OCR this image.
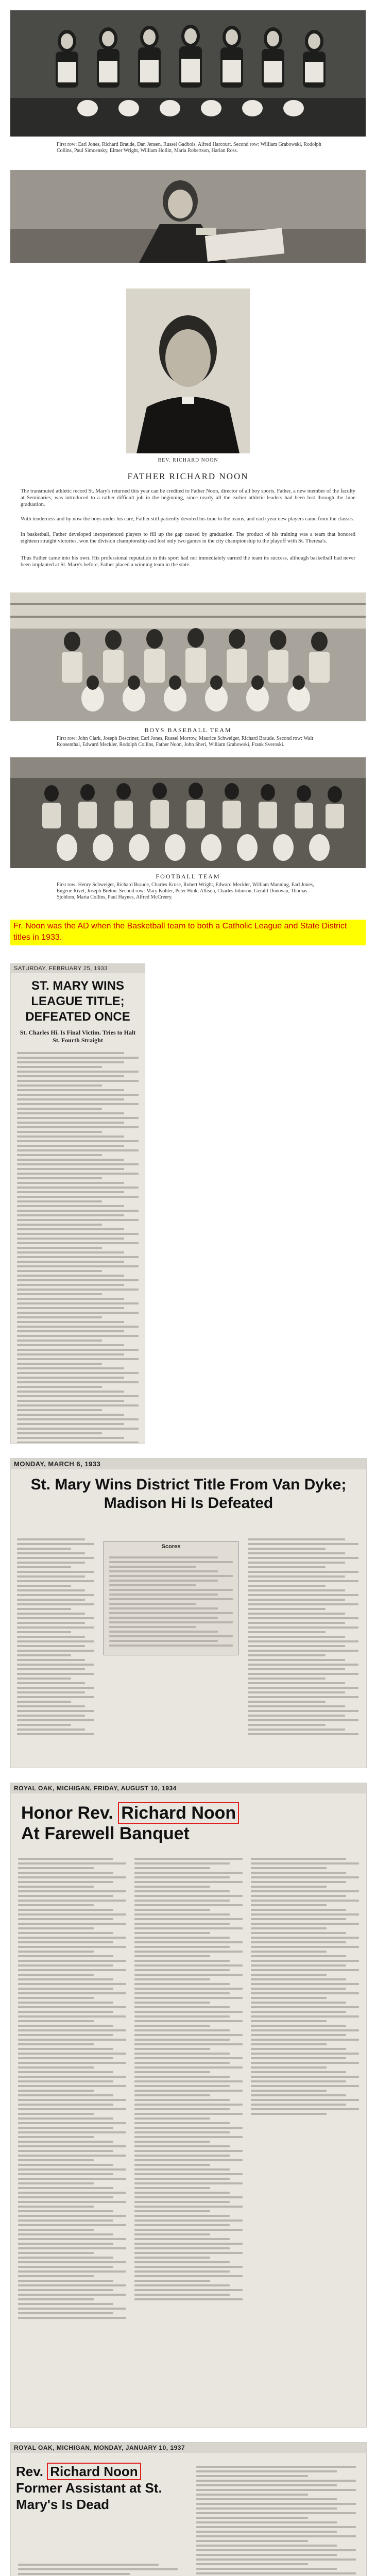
First row: Earl Jones, Richard Braude, Dan Jensen, Russel Gadbois, Alfred Harcourt. Second row: William Grabowski, Rodolph Collins, Paul Simoensky, Elmer Wright, William Hollin, Maria Robertson, Harlan Ross.
REV. RICHARD NOON
FATHER RICHARD NOON
The transmuted athletic record St. Mary's returned this year can be credited to Father Noon, director of all boy sports. Father, a new member of the faculty at Seminaries, was introduced to a rather difficult job in the beginning, since nearly all the earlier athletic leaders had been lost through the June graduation.
With tenderness and by now the boys under his care, Father still patiently devoted his time to the teams, and each year new players came from the classes.
In basketball, Father developed inexperienced players to fill up the gap caused by graduation. The product of his training was a team that honored eighteen straight victories, won the division championship and lost only two games in the city championship to the playoff with St. Theresa's.
Thus Father came into his own. His professional reputation in this sport had not immediately earned the team its success, although basketball had never been implanted at St. Mary's before, Father placed a winning team in the state.
BOYS BASEBALL TEAM
First row: John Clark, Joseph Descriner, Earl Jones, Russel Morrow, Maurice Schweiger, Richard Braude. Second row: Walt Roosenthal, Edward Meckler, Rodolph Collins, Father Noon, John Sheri, William Grabowski, Frank Sveroski.
FOOTBALL TEAM
First row: Henry Schweiger, Richard Braude, Charles Kruse, Robert Wright, Edward Meckler, William Manning, Earl Jones, Eugene Rivet, Joseph Breton. Second row: Mary Kohler, Peter Hink, Allison, Charles Johnson, Gerald Donovan, Thomas Sjoblom, Maria Collins, Paul Haynes, Alfred McCreery.
Fr. Noon was the AD when the Basketball team to both a Catholic League and State District titles in 1933.
SATURDAY, FEBRUARY 25, 1933
ST. MARY WINS LEAGUE TITLE; DEFEATED ONCE
St. Charles Hi. Is Final Victim. Tries to Halt St. Fourth Straight
MONDAY, MARCH 6, 1933
St. Mary Wins District Title From Van Dyke; Madison Hi Is Defeated
Scores
ROYAL OAK, MICHIGAN, FRIDAY, AUGUST 10, 1934
Honor Rev. Richard Noon
At Farewell Banquet
ROYAL OAK, MICHIGAN, MONDAY, JANUARY 10, 1937
Rev. Richard Noon
Former Assistant at St. Mary's Is Dead
